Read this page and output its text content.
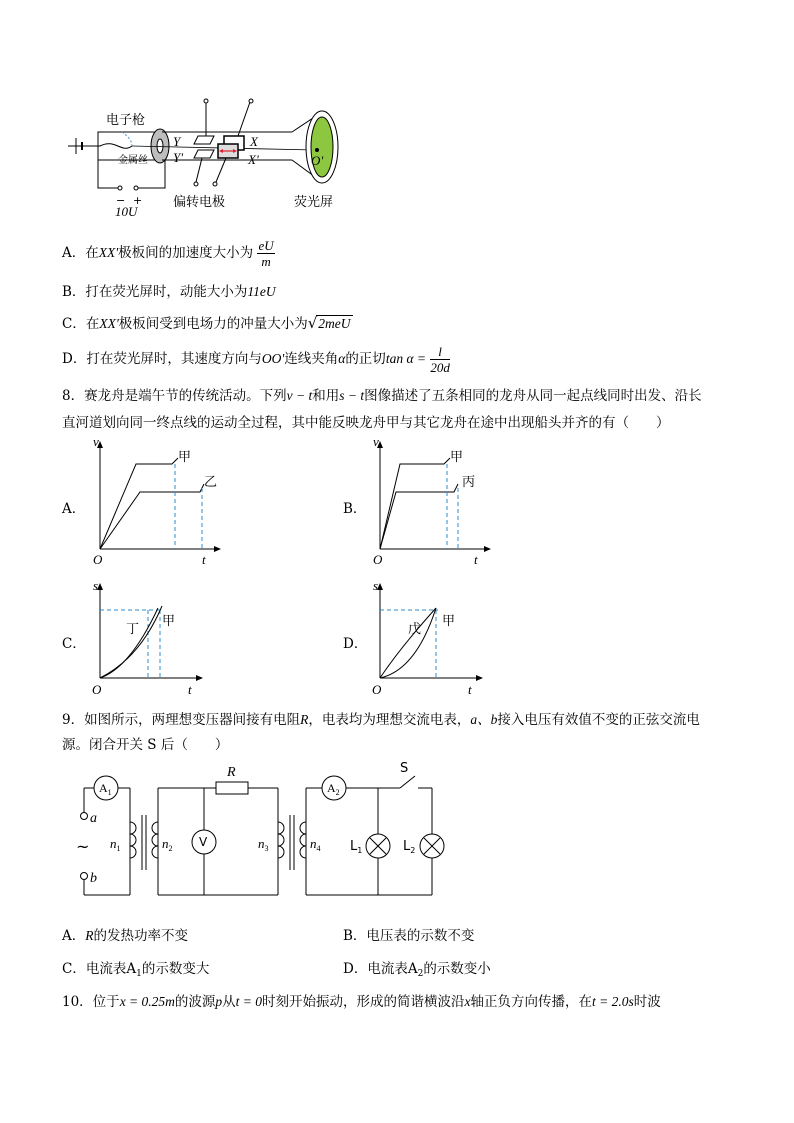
电子枪
金属丝
Y
Y'
X
X'	O'
− +
10U
偏转电极	荧光屏
A．在XX'极板间的加速度大小为 $\frac{eU}{m}$
B．打在荧光屏时，动能大小为11eU
C．在XX'极板间受到电场力的冲量大小为√2meU
D．打在荧光屏时，其速度方向与OO'连线夹角α的正切$\tan \alpha = \frac{l}{20d}$
8．赛龙舟是端午节的传统活动。下列v − t和用s − t图像描述了五条相同的龙舟从同一起点线同时出发、沿长
直河道划向同一终点线的运动全过程，其中能反映龙舟甲与其它龙舟在途中出现船头并齐的有（　　）
A．	B．
C．	D．
v
t
O
甲
乙
v
t
O
甲
丙
s
t
O
丁
甲
s
t
O
戊
甲
9．如图所示，两理想变压器间接有电阻R，电表均为理想交流电表，a、b接入电压有效值不变的正弦交流电
源。闭合开关 S 后（　　）
$A_1$
V
$A_2$
R	S
a
b
~ $n_1$	$n_2$	$n_3$	$n_4$ $L_1$	$L_2$
A．R的发热功率不变	B．电压表的示数不变
C．电流表$A_1$的示数变大	D．电流表$A_2$的示数变小
10．位于x = 0.25m的波源p从t = 0时刻开始振动，形成的简谐横波沿x轴正负方向传播，在t = 2.0s时波
